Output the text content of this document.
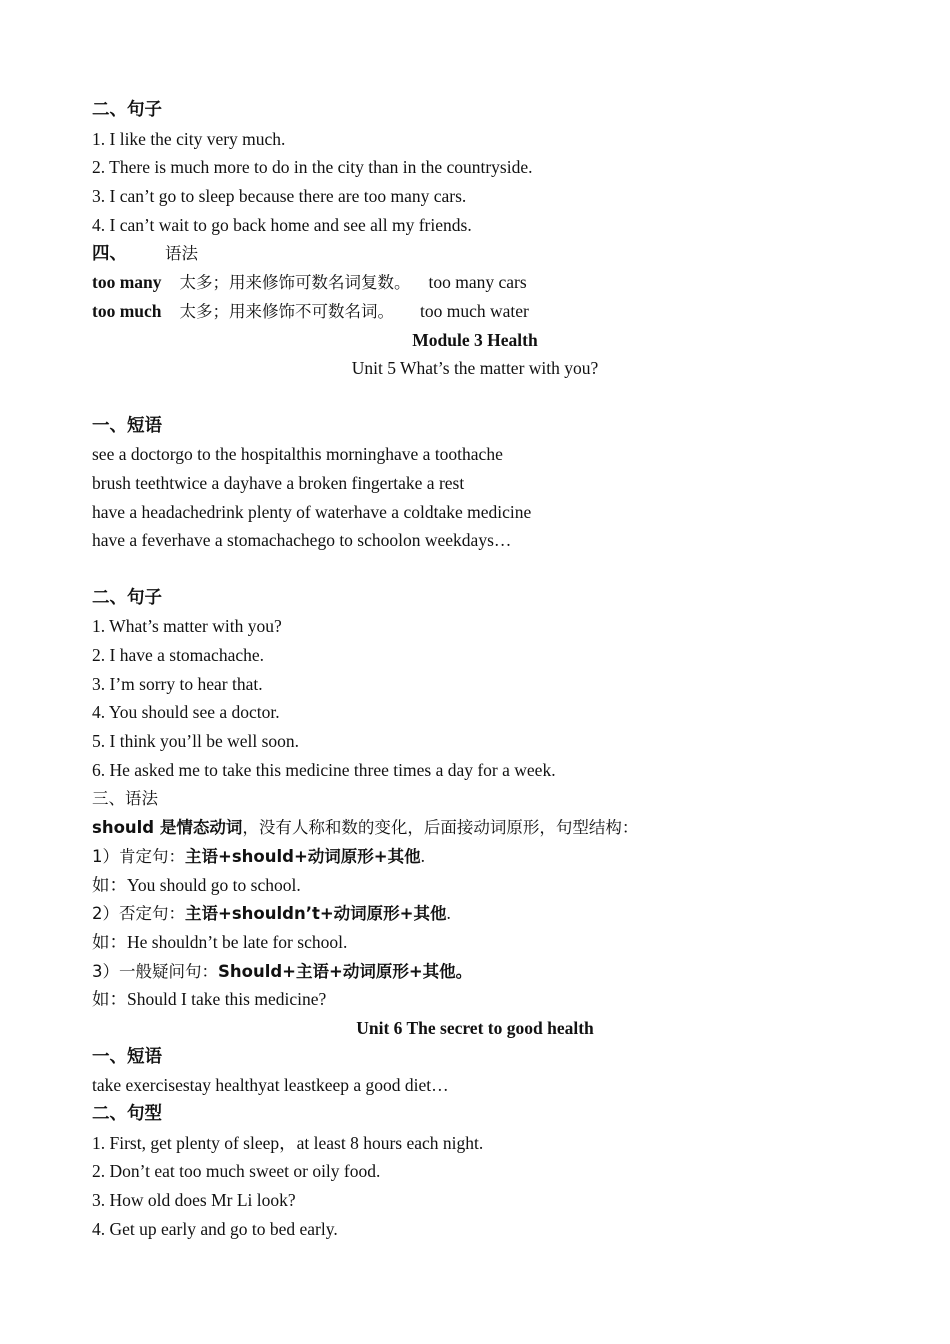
二、句子
1. I like the city very much.
2. There is much more to do in the city than in the countryside.
3. I can’t go to sleep because there are too many cars.
4. I can’t wait to go back home and see all my friends.
四、 语法
too many 太多；用来修饰可数名词复数。 too many cars
too much 太多；用来修饰不可数名词。 too much water
Module 3 Health
Unit 5 What’s the matter with you?
一、短语
see a doctorgo to the hospitalthis morninghave a toothache
brush teethtwice a dayhave a broken fingertake a rest
have a headachedrink plenty of waterhave a coldtake medicine
have a feverhave a stomachachego to schoolon weekdays…
二、句子
1. What’s matter with you?
2. I have a stomachache.
3. I’m sorry to hear that.
4. You should see a doctor.
5. I think you’ll be well soon.
6. He asked me to take this medicine three times a day for a week.
三、语法
should 是情态动词，没有人称和数的变化，后面接动词原形，句型结构：
1）肯定句：主语+should+动词原形+其他.
如：You should go to school.
2）否定句：主语+shouldn’t+动词原形+其他.
如：He shouldn’t be late for school.
3）一般疑问句：Should+主语+动词原形+其他。
如：Should I take this medicine?
Unit 6 The secret to good health
一、短语
take exercisestay healthyat leastkeep a good diet…
二、句型
1. First, get plenty of sleep，at least 8 hours each night.
2. Don’t eat too much sweet or oily food.
3. How old does Mr Li look?
4. Get up early and go to bed early.
